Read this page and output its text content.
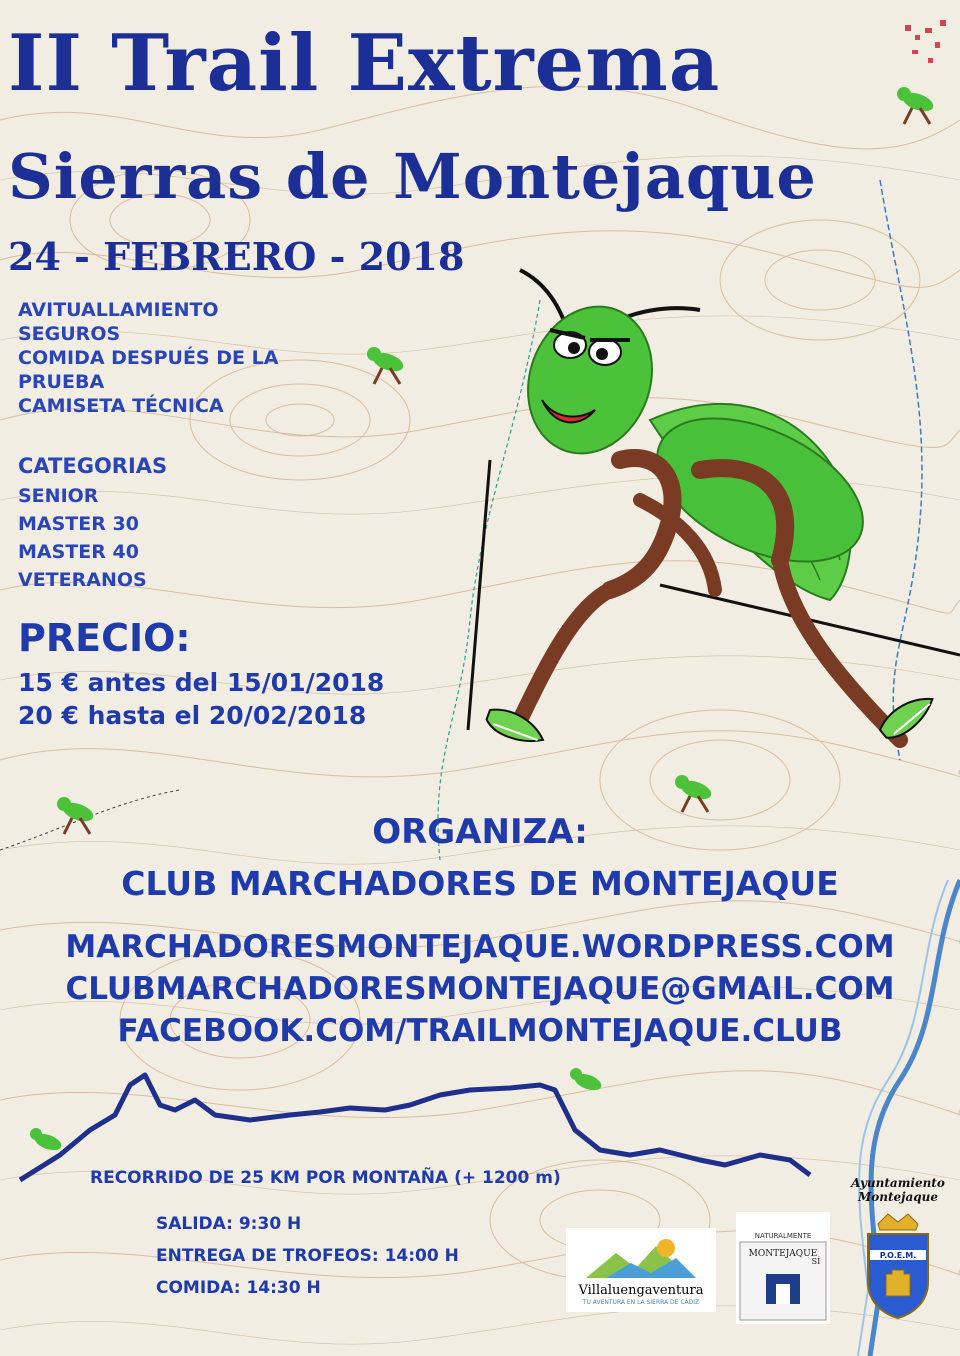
II Trail Extrema
Sierras de Montejaque
24 - FEBRERO - 2018
AVITUALLAMIENTO
SEGUROS
COMIDA DESPUÉS DE LA PRUEBA
CAMISETA TÉCNICA
CATEGORIAS
SENIOR
MASTER 30
MASTER 40
VETERANOS
PRECIO:
15 € antes del 15/01/2018
20 € hasta el 20/02/2018
ORGANIZA:
CLUB MARCHADORES DE MONTEJAQUE
MARCHADORESMONTEJAQUE.WORDPRESS.COM
CLUBMARCHADORESMONTEJAQUE@GMAIL.COM
FACEBOOK.COM/TRAILMONTEJAQUE.CLUB
RECORRIDO DE 25 KM POR MONTAÑA (+ 1200 m)
SALIDA: 9:30 H
ENTREGA DE TROFEOS: 14:00 H
COMIDA: 14:30 H	Villaluengaventura
TU AVENTURA EN LA SIERRA DE CÁDIZ
NATURALMENTE
MONTEJAQUE
SÍ
Ayuntamiento
Montejaque
P.O.E.M.
